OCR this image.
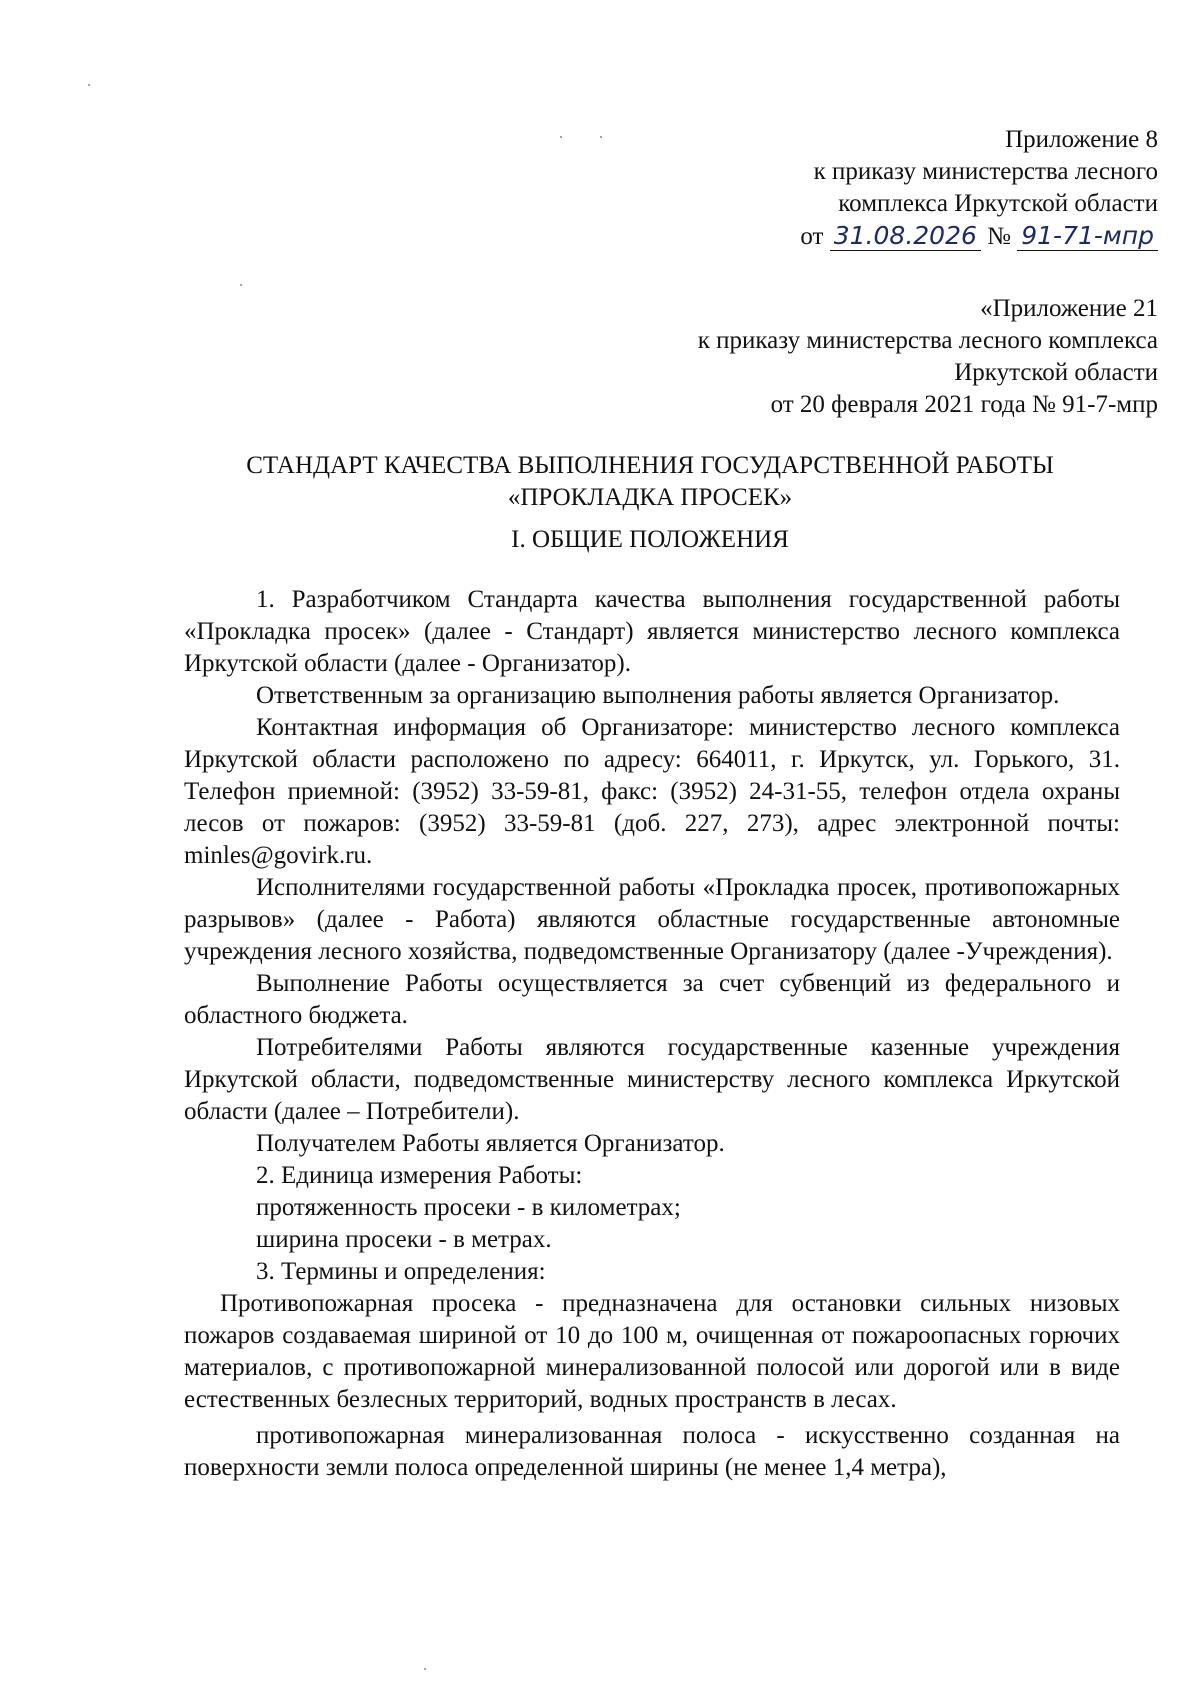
Приложение 8
к приказу министерства лесного
комплекса Иркутской области
от 31.08.2026 № 91-71-мпр
«Приложение 21
к приказу министерства лесного комплекса
Иркутской области
от 20 февраля 2021 года № 91-7-мпр
СТАНДАРТ КАЧЕСТВА ВЫПОЛНЕНИЯ ГОСУДАРСТВЕННОЙ РАБОТЫ
«ПРОКЛАДКА ПРОСЕК»
I. ОБЩИЕ ПОЛОЖЕНИЯ
1. Разработчиком Стандарта качества выполнения государственной работы «Прокладка просек» (далее - Стандарт) является министерство лесного комплекса Иркутской области (далее - Организатор).
Ответственным за организацию выполнения работы является Организатор.
Контактная информация об Организаторе: министерство лесного комплекса Иркутской области расположено по адресу: 664011, г. Иркутск, ул. Горького, 31. Телефон приемной: (3952) 33-59-81, факс: (3952) 24-31-55, телефон отдела охраны лесов от пожаров: (3952) 33-59-81 (доб. 227, 273), адрес электронной почты: minles@govirk.ru.
Исполнителями государственной работы «Прокладка просек, противопожарных разрывов» (далее - Работа) являются областные государственные автономные учреждения лесного хозяйства, подведомственные Организатору (далее -Учреждения).
Выполнение Работы осуществляется за счет субвенций из федерального и областного бюджета.
Потребителями Работы являются государственные казенные учреждения Иркутской области, подведомственные министерству лесного комплекса Иркутской области (далее – Потребители).
Получателем Работы является Организатор.
2. Единица измерения Работы:
протяженность просеки - в километрах;
ширина просеки - в метрах.
3. Термины и определения:
Противопожарная просека - предназначена для остановки сильных низовых пожаров создаваемая шириной от 10 до 100 м, очищенная от пожароопасных горючих материалов, с противопожарной минерализованной полосой или дорогой или в виде естественных безлесных территорий, водных пространств в лесах.
противопожарная минерализованная полоса - искусственно созданная на поверхности земли полоса определенной ширины (не менее 1,4 метра),
